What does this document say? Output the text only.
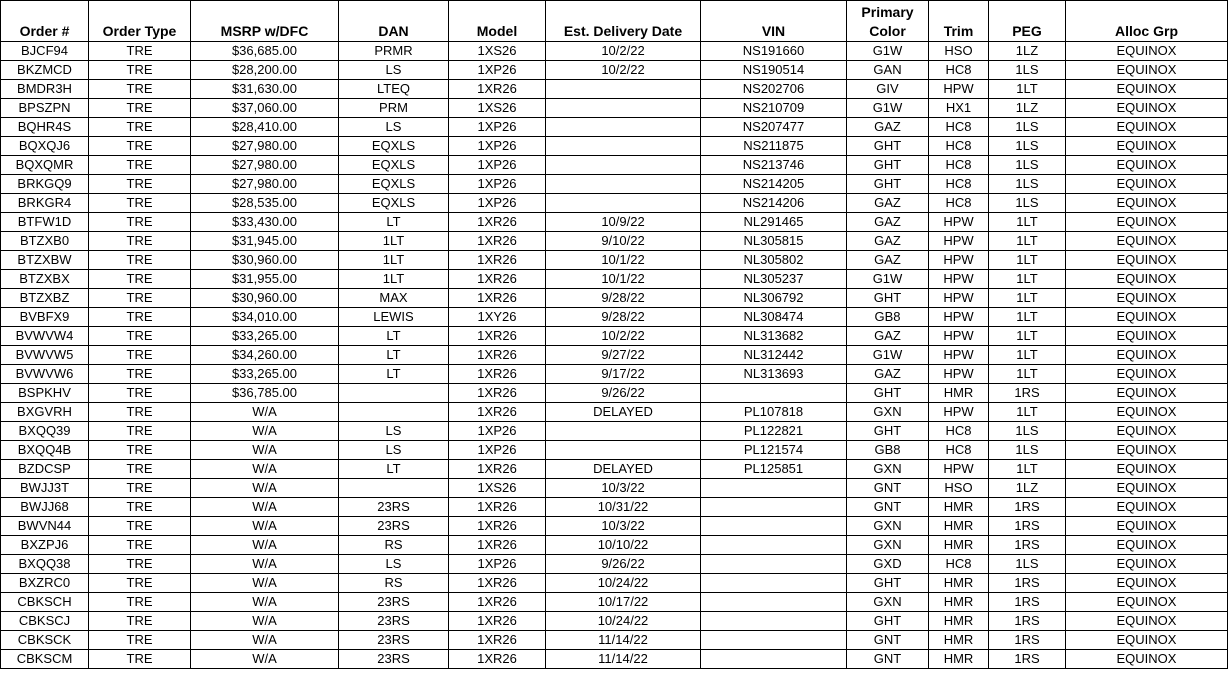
Order #	Order Type	MSRP w/DFC	DAN	Model	Est. Delivery Date	VIN	Primary Color	Trim	PEG	Alloc Grp
BJCF94	TRE	$36,685.00	PRMR	1XS26	10/2/22	NS191660	G1W	HSO	1LZ	EQUINOX
BKZMCD	TRE	$28,200.00	LS	1XP26	10/2/22	NS190514	GAN	HC8	1LS	EQUINOX
BMDR3H	TRE	$31,630.00	LTEQ	1XR26		NS202706	GIV	HPW	1LT	EQUINOX
BPSZPN	TRE	$37,060.00	PRM	1XS26		NS210709	G1W	HX1	1LZ	EQUINOX
BQHR4S	TRE	$28,410.00	LS	1XP26		NS207477	GAZ	HC8	1LS	EQUINOX
BQXQJ6	TRE	$27,980.00	EQXLS	1XP26		NS211875	GHT	HC8	1LS	EQUINOX
BQXQMR	TRE	$27,980.00	EQXLS	1XP26		NS213746	GHT	HC8	1LS	EQUINOX
BRKGQ9	TRE	$27,980.00	EQXLS	1XP26		NS214205	GHT	HC8	1LS	EQUINOX
BRKGR4	TRE	$28,535.00	EQXLS	1XP26		NS214206	GAZ	HC8	1LS	EQUINOX
BTFW1D	TRE	$33,430.00	LT	1XR26	10/9/22	NL291465	GAZ	HPW	1LT	EQUINOX
BTZXB0	TRE	$31,945.00	1LT	1XR26	9/10/22	NL305815	GAZ	HPW	1LT	EQUINOX
BTZXBW	TRE	$30,960.00	1LT	1XR26	10/1/22	NL305802	GAZ	HPW	1LT	EQUINOX
BTZXBX	TRE	$31,955.00	1LT	1XR26	10/1/22	NL305237	G1W	HPW	1LT	EQUINOX
BTZXBZ	TRE	$30,960.00	MAX	1XR26	9/28/22	NL306792	GHT	HPW	1LT	EQUINOX
BVBFX9	TRE	$34,010.00	LEWIS	1XY26	9/28/22	NL308474	GB8	HPW	1LT	EQUINOX
BVWVW4	TRE	$33,265.00	LT	1XR26	10/2/22	NL313682	GAZ	HPW	1LT	EQUINOX
BVWVW5	TRE	$34,260.00	LT	1XR26	9/27/22	NL312442	G1W	HPW	1LT	EQUINOX
BVWVW6	TRE	$33,265.00	LT	1XR26	9/17/22	NL313693	GAZ	HPW	1LT	EQUINOX
BSPKHV	TRE	$36,785.00		1XR26	9/26/22		GHT	HMR	1RS	EQUINOX
BXGVRH	TRE	W/A		1XR26	DELAYED	PL107818	GXN	HPW	1LT	EQUINOX
BXQQ39	TRE	W/A	LS	1XP26		PL122821	GHT	HC8	1LS	EQUINOX
BXQQ4B	TRE	W/A	LS	1XP26		PL121574	GB8	HC8	1LS	EQUINOX
BZDCSP	TRE	W/A	LT	1XR26	DELAYED	PL125851	GXN	HPW	1LT	EQUINOX
BWJJ3T	TRE	W/A		1XS26	10/3/22		GNT	HSO	1LZ	EQUINOX
BWJJ68	TRE	W/A	23RS	1XR26	10/31/22		GNT	HMR	1RS	EQUINOX
BWVN44	TRE	W/A	23RS	1XR26	10/3/22		GXN	HMR	1RS	EQUINOX
BXZPJ6	TRE	W/A	RS	1XR26	10/10/22		GXN	HMR	1RS	EQUINOX
BXQQ38	TRE	W/A	LS	1XP26	9/26/22		GXD	HC8	1LS	EQUINOX
BXZRC0	TRE	W/A	RS	1XR26	10/24/22		GHT	HMR	1RS	EQUINOX
CBKSCH	TRE	W/A	23RS	1XR26	10/17/22		GXN	HMR	1RS	EQUINOX
CBKSCJ	TRE	W/A	23RS	1XR26	10/24/22		GHT	HMR	1RS	EQUINOX
CBKSCK	TRE	W/A	23RS	1XR26	11/14/22		GNT	HMR	1RS	EQUINOX
CBKSCM	TRE	W/A	23RS	1XR26	11/14/22		GNT	HMR	1RS	EQUINOX
